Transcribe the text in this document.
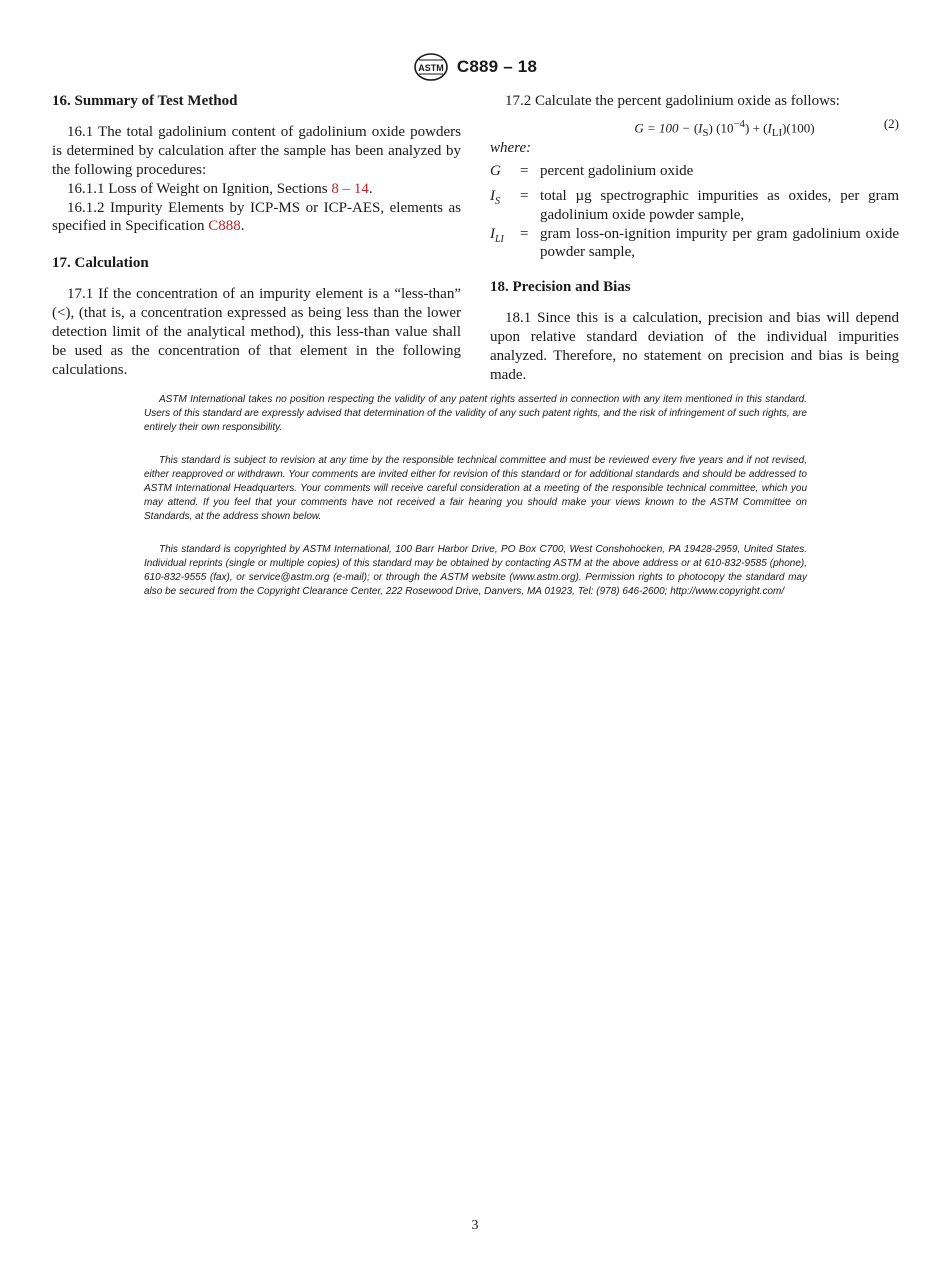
ASTM C889 – 18
16. Summary of Test Method

16.1 The total gadolinium content of gadolinium oxide powders is determined by calculation after the sample has been analyzed by the following procedures:

16.1.1 Loss of Weight on Ignition, Sections 8 – 14.

16.1.2 Impurity Elements by ICP-MS or ICP-AES, elements as specified in Specification C888.

17. Calculation

17.1 If the concentration of an impurity element is a “less-than” (<), (that is, a concentration expressed as being less than the lower detection limit of the analytical method), this less-than value shall be used as the concentration of that element in the following calculations.

17.2 Calculate the percent gadolinium oxide as follows:

$G = 100 - (I_S) (10^{-4}) + (I_{LI})(100)$	(2)
where:
G	= percent gadolinium oxide
$I_S$	= total µg spectrographic impurities as oxides, per gram gadolinium oxide powder sample,
$I_{LI}$	= gram loss-on-ignition impurity per gram gadolinium oxide powder sample,
18. Precision and Bias

18.1 Since this is a calculation, precision and bias will depend upon relative standard deviation of the individual impurities analyzed. Therefore, no statement on precision and bias is being made.

ASTM International takes no position respecting the validity of any patent rights asserted in connection with any item mentioned in this standard. Users of this standard are expressly advised that determination of the validity of any such patent rights, and the risk of infringement of such rights, are entirely their own responsibility.

This standard is subject to revision at any time by the responsible technical committee and must be reviewed every five years and if not revised, either reapproved or withdrawn. Your comments are invited either for revision of this standard or for additional standards and should be addressed to ASTM International Headquarters. Your comments will receive careful consideration at a meeting of the responsible technical committee, which you may attend. If you feel that your comments have not received a fair hearing you should make your views known to the ASTM Committee on Standards, at the address shown below.

This standard is copyrighted by ASTM International, 100 Barr Harbor Drive, PO Box C700, West Conshohocken, PA 19428-2959, United States. Individual reprints (single or multiple copies) of this standard may be obtained by contacting ASTM at the above address or at 610-832-9585 (phone), 610-832-9555 (fax), or service@astm.org (e-mail); or through the ASTM website (www.astm.org). Permission rights to photocopy the standard may also be secured from the Copyright Clearance Center, 222 Rosewood Drive, Danvers, MA 01923, Tel: (978) 646-2600; http://www.copyright.com/

3
